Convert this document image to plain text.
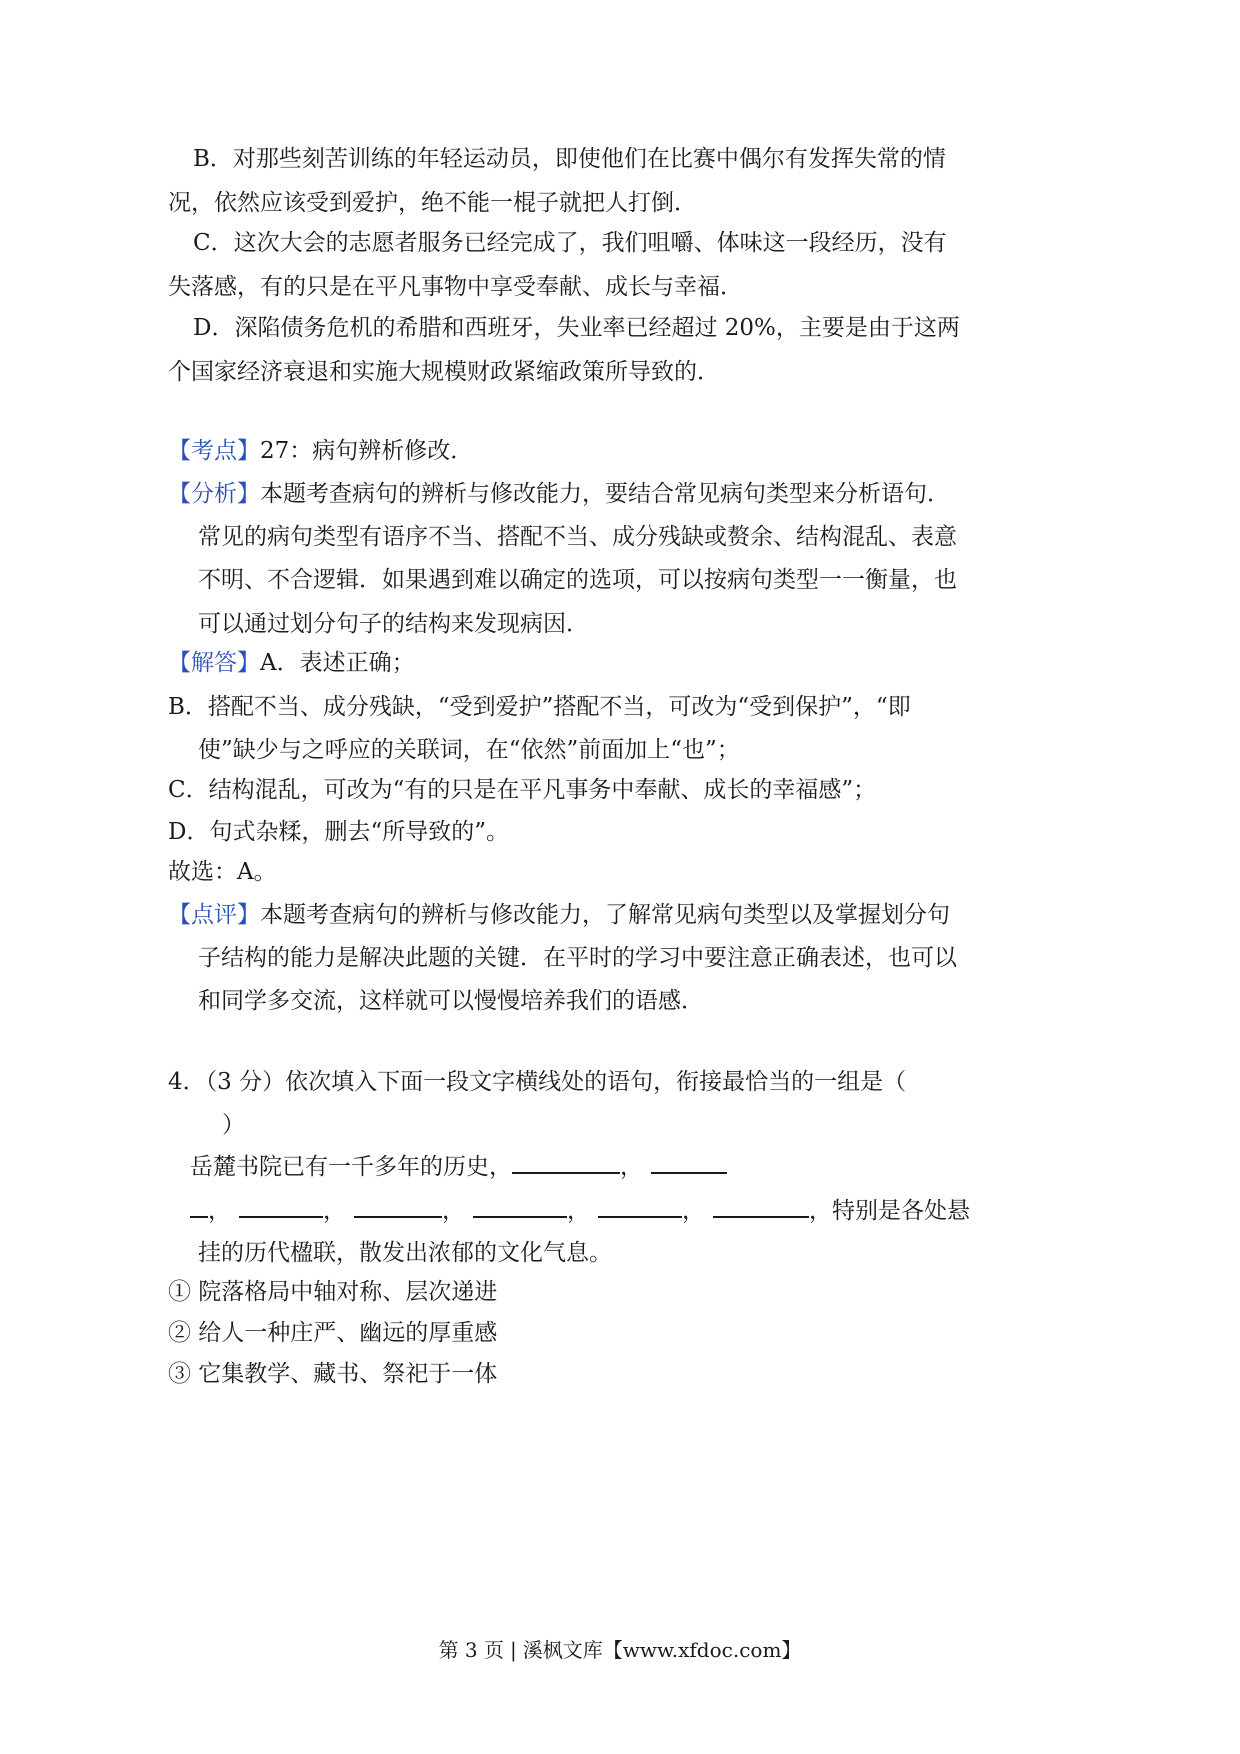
B．对那些刻苦训练的年轻运动员，即使他们在比赛中偶尔有发挥失常的情
况，依然应该受到爱护，绝不能一棍子就把人打倒．
C．这次大会的志愿者服务已经完成了，我们咀嚼、体味这一段经历，没有
失落感，有的只是在平凡事物中享受奉献、成长与幸福．
D．深陷债务危机的希腊和西班牙，失业率已经超过 20%，主要是由于这两
个国家经济衰退和实施大规模财政紧缩政策所导致的．
【考点】27：病句辨析修改．
【分析】本题考查病句的辨析与修改能力，要结合常见病句类型来分析语句．
常见的病句类型有语序不当、搭配不当、成分残缺或赘余、结构混乱、表意
不明、不合逻辑．如果遇到难以确定的选项，可以按病句类型一一衡量，也
可以通过划分句子的结构来发现病因．
【解答】A．表述正确；
B．搭配不当、成分残缺，“受到爱护”搭配不当，可改为“受到保护”，“即
使”缺少与之呼应的关联词，在“依然”前面加上“也”；
C．结构混乱，可改为“有的只是在平凡事务中奉献、成长的幸福感”；
D．句式杂糅，删去“所导致的”。
故选：A。
【点评】本题考查病句的辨析与修改能力，了解常见病句类型以及掌握划分句
子结构的能力是解决此题的关键．在平时的学习中要注意正确表述，也可以
和同学多交流，这样就可以慢慢培养我们的语感．
4．（3 分）依次填入下面一段文字横线处的语句，衔接最恰当的一组是（
）
岳麓书院已有一千多年的历史，	，
，	，	，	，	，	，特别是各处悬
挂的历代楹联，散发出浓郁的文化气息。
① 院落格局中轴对称、层次递进
② 给人一种庄严、幽远的厚重感
③ 它集教学、藏书、祭祀于一体
第 3 页 | 溪枫文库【www.xfdoc.com】
